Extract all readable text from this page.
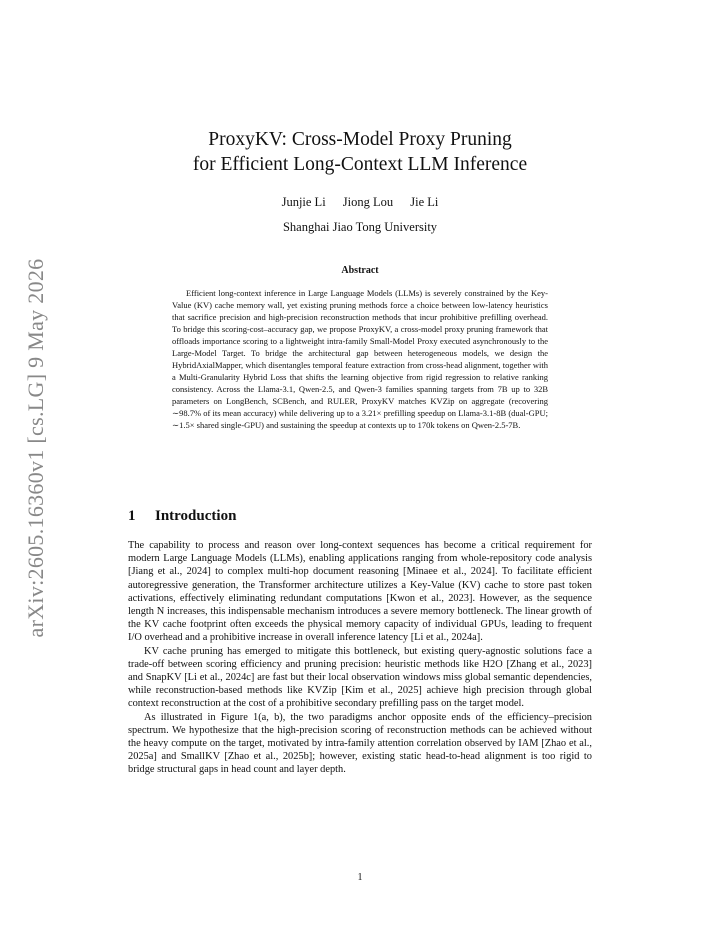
arXiv:2605.16360v1 [cs.LG] 9 May 2026
ProxyKV: Cross-Model Proxy Pruning
for Efficient Long-Context LLM Inference
Junjie Li Jiong Lou Jie Li
Shanghai Jiao Tong University
Abstract

Efficient long-context inference in Large Language Models (LLMs) is severely constrained by the Key-Value (KV) cache memory wall, yet existing pruning methods force a choice between low-latency heuristics that sacrifice precision and high-precision reconstruction methods that incur prohibitive prefilling overhead. To bridge this scoring-cost–accuracy gap, we propose ProxyKV, a cross-model proxy pruning framework that offloads importance scoring to a lightweight intra-family Small-Model Proxy executed asynchronously to the Large-Model Target. To bridge the architectural gap between heterogeneous models, we design the HybridAxialMapper, which disentangles temporal feature extraction from cross-head alignment, together with a Multi-Granularity Hybrid Loss that shifts the learning objective from rigid regression to relative ranking consistency. Across the Llama-3.1, Qwen-2.5, and Qwen-3 families spanning targets from 7B up to 32B parameters on LongBench, SCBench, and RULER, ProxyKV matches KVZip on aggregate (recovering ∼98.7% of its mean accuracy) while delivering up to a 3.21× prefilling speedup on Llama-3.1-8B (dual-GPU; ∼1.5× shared single-GPU) and sustaining the speedup at contexts up to 170k tokens on Qwen-2.5-7B.

1 Introduction

The capability to process and reason over long-context sequences has become a critical requirement for modern Large Language Models (LLMs), enabling applications ranging from whole-repository code analysis [Jiang et al., 2024] to complex multi-hop document reasoning [Minaee et al., 2024]. To facilitate efficient autoregressive generation, the Transformer architecture utilizes a Key-Value (KV) cache to store past token activations, effectively eliminating redundant computations [Kwon et al., 2023]. However, as the sequence length N increases, this indispensable mechanism introduces a severe memory bottleneck. The linear growth of the KV cache footprint often exceeds the physical memory capacity of individual GPUs, leading to frequent I/O overhead and a prohibitive increase in overall inference latency [Li et al., 2024a].

KV cache pruning has emerged to mitigate this bottleneck, but existing query-agnostic solutions face a trade-off between scoring efficiency and pruning precision: heuristic methods like H2O [Zhang et al., 2023] and SnapKV [Li et al., 2024c] are fast but their local observation windows miss global semantic dependencies, while reconstruction-based methods like KVZip [Kim et al., 2025] achieve high precision through global context reconstruction at the cost of a prohibitive secondary prefilling pass on the target model.

As illustrated in Figure 1(a, b), the two paradigms anchor opposite ends of the efficiency–precision spectrum. We hypothesize that the high-precision scoring of reconstruction methods can be achieved without the heavy compute on the target, motivated by intra-family attention correlation observed by IAM [Zhao et al., 2025a] and SmallKV [Zhao et al., 2025b]; however, existing static head-to-head alignment is too rigid to bridge structural gaps in head count and layer depth.

1
